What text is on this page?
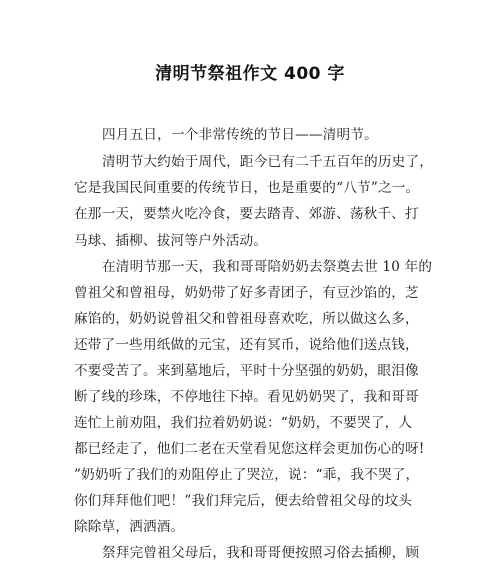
清明节祭祖作文 400 字
四月五日，一个非常传统的节日——清明节。
清明节大约始于周代，距今已有二千五百年的历史了，
它是我国民间重要的传统节日，也是重要的“八节”之一。
在那一天，要禁火吃冷食，要去踏青、郊游、荡秋千、打
马球、插柳、拔河等户外活动。
在清明节那一天，我和哥哥陪奶奶去祭奠去世 10 年的
曾祖父和曾祖母，奶奶带了好多青团子，有豆沙馅的，芝
麻馅的，奶奶说曾祖父和曾祖母喜欢吃，所以做这么多，
还带了一些用纸做的元宝，还有冥币，说给他们送点钱，
不要受苦了。来到墓地后，平时十分坚强的奶奶，眼泪像
断了线的珍珠，不停地往下掉。看见奶奶哭了，我和哥哥
连忙上前劝阻，我们拉着奶奶说：“奶奶，不要哭了，人
都已经走了，他们二老在天堂看见您这样会更加伤心的呀!
”奶奶听了我们的劝阻停止了哭泣，说：“乖，我不哭了，
你们拜拜他们吧！”我们拜完后，便去给曾祖父母的坟头
除除草，洒洒酒。
祭拜完曾祖父母后，我和哥哥便按照习俗去插柳，顾
